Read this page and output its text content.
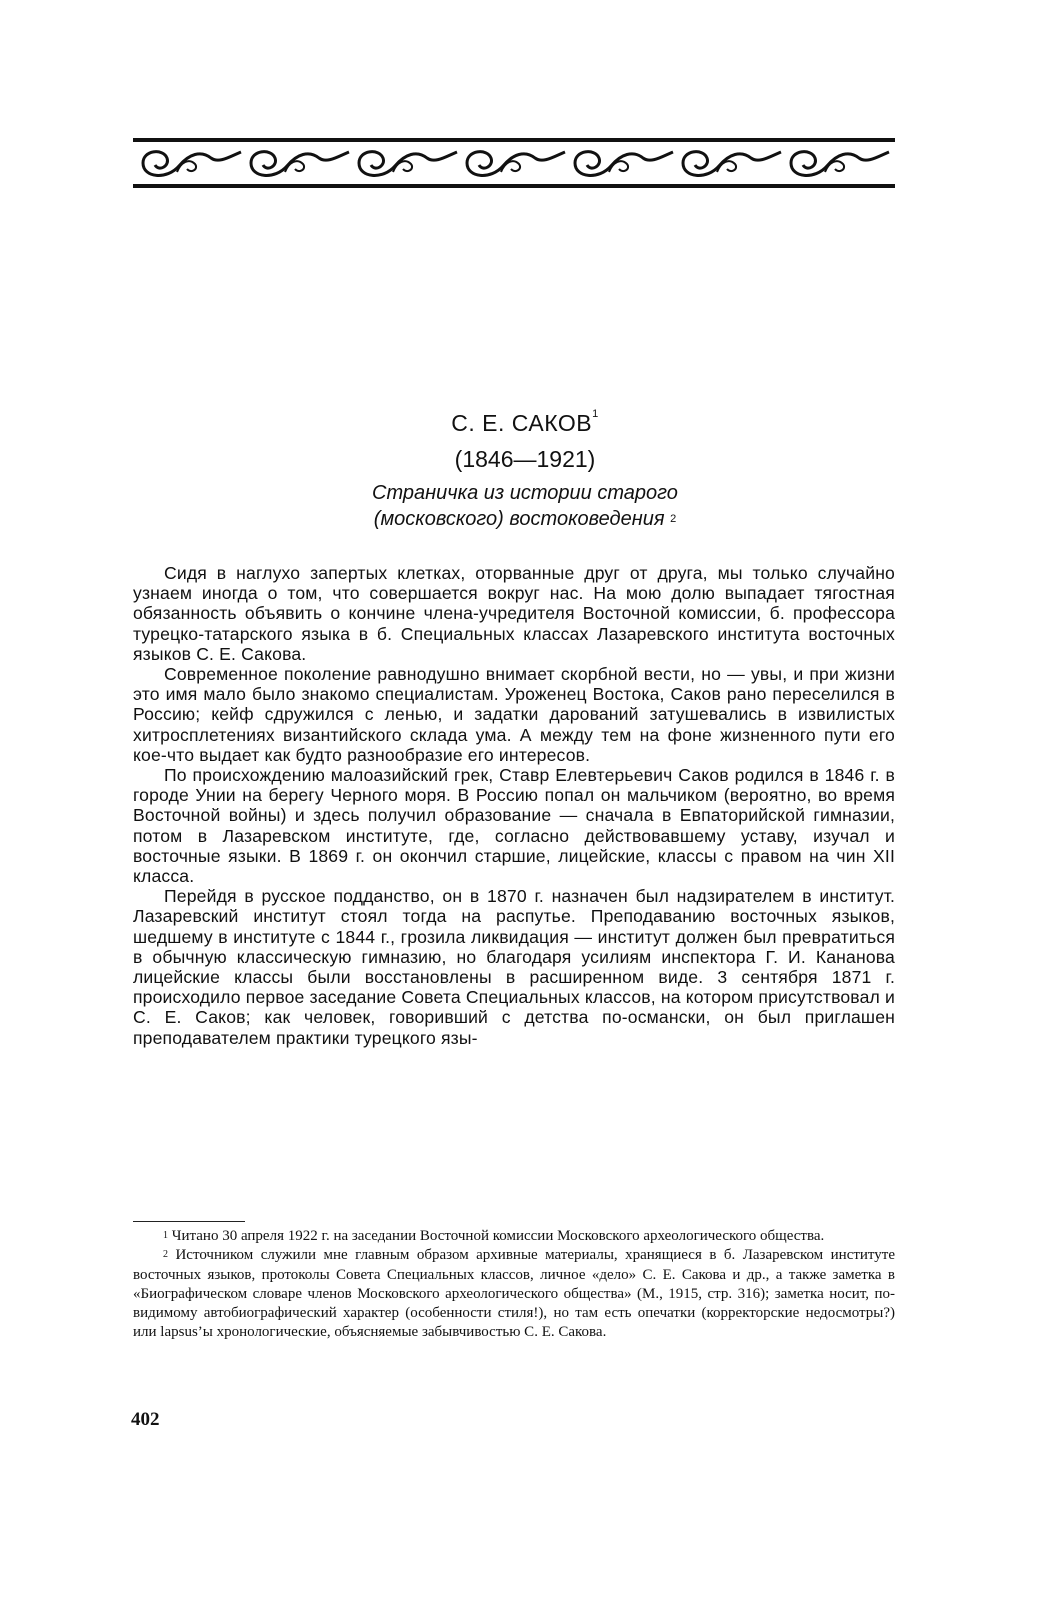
С. Е. САКОВ$^1$
(1846—1921)
Страничка из истории старого
(московского) востоковедения $^2$

Сидя в наглухо запертых клетках, оторванные друг от друга, мы только случайно узнаем иногда о том, что совершается вокруг нас. На мою долю выпадает тягостная обязанность объявить о кончине члена-учредителя Восточной комиссии, б. профессора турецко-татарского языка в б. Специальных классах Лазаревского института восточных языков С. Е. Сакова.

Современное поколение равнодушно внимает скорбной вести, но — увы, и при жизни это имя мало было знакомо специалистам. Уроженец Востока, Саков рано переселился в Россию; кейф сдружился с ленью, и задатки дарований затушевались в извилистых хитросплетениях византийского склада ума. А между тем на фоне жизненного пути его кое-что выдает как будто разнообразие его интересов.

По происхождению малоазийский грек, Ставр Елевтерьевич Саков родился в 1846 г. в городе Унии на берегу Черного моря. В Россию попал он мальчиком (вероятно, во время Восточной войны) и здесь получил образование — сначала в Евпаторийской гимназии, потом в Лазаревском институте, где, согласно действовавшему уставу, изучал и восточные языки. В 1869 г. он окончил старшие, лицейские, классы с правом на чин XII класса.

Перейдя в русское подданство, он в 1870 г. назначен был надзирателем в институт. Лазаревский институт стоял тогда на распутье. Преподаванию восточных языков, шедшему в институте с 1844 г., грозила ликвидация — институт должен был превратиться в обычную классическую гимназию, но благодаря усилиям инспектора Г. И. Кананова лицейские классы были восстановлены в расширенном виде. 3 сентября 1871 г. происходило первое заседание Совета Специальных классов, на котором присутствовал и С. Е. Саков; как человек, говоривший с детства по-османски, он был приглашен преподавателем практики турецкого язы-

$^1$ Читано 30 апреля 1922 г. на заседании Восточной комиссии Московского археологического общества.

$^2$ Источником служили мне главным образом архивные материалы, хранящиеся в б. Лазаревском институте восточных языков, протоколы Совета Специальных классов, личное «дело» С. Е. Сакова и др., а также заметка в «Биографическом словаре членов Московского археологического общества» (М., 1915, стр. 316); заметка носит, по-видимому автобиографический характер (особенности стиля!), но там есть опечатки (корректорские недосмотры?) или lapsus’ы хронологические, объясняемые забывчивостью С. Е. Сакова.

402
